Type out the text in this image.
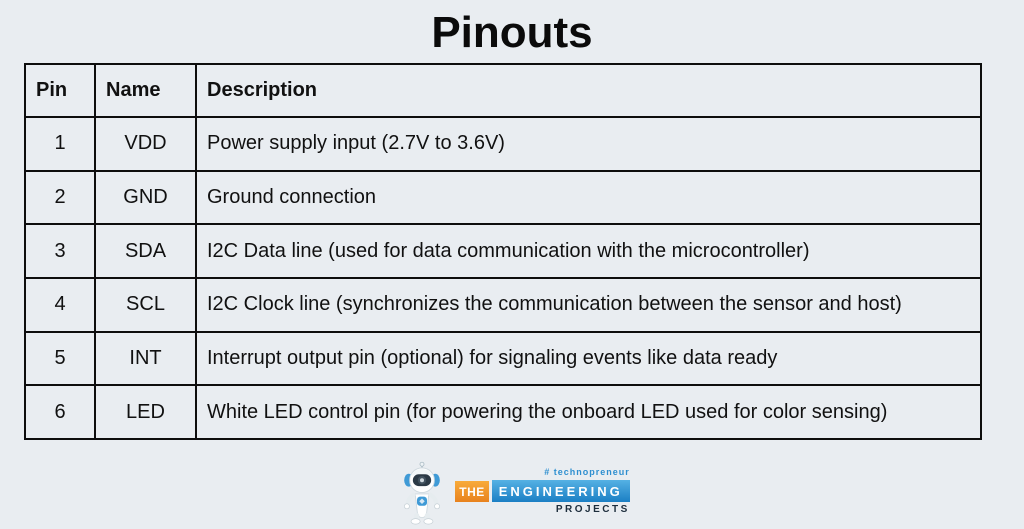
Pinouts
Pin	Name	Description
1	VDD	Power supply input (2.7V to 3.6V)
2	GND	Ground connection
3	SDA	I2C Data line (used for data communication with the microcontroller)
4	SCL	I2C Clock line (synchronizes the communication between the sensor and host)
5	INT	Interrupt output pin (optional) for signaling events like data ready
6	LED	White LED control pin (for powering the onboard LED used for color sensing)
# technopreneur
THE	ENGINEERING
PROJECTS
